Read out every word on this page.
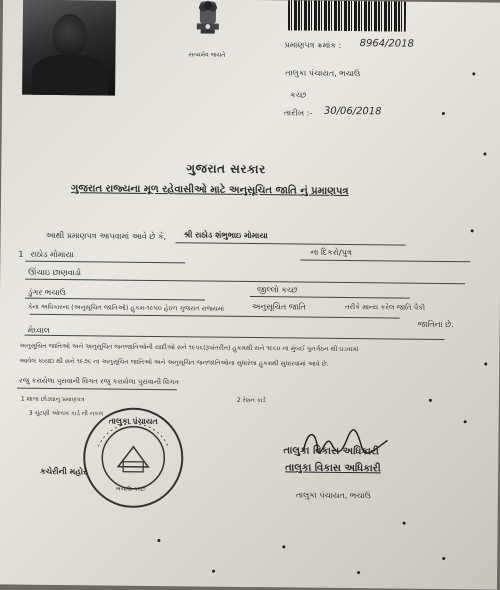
સત્યમેવ જયતે
પ્રમાણપત્ર ક્રમાંક : 8964/2018
તાલુકા પંચાયત, ભચાઉ
કચ્છ
તારીખ :- 30/06/2018
ગુજરાત સરકાર
ગુજરાત રાજ્યના મૂળ રહેવાસીઓ માટે અનુસૂચિત જાતિ નું પ્રમાણપત્ર
આથી પ્રમાણપત્ર આપવામાં આવે છે કે, શ્રી રાઠોડ શંભુભાઇ મોમાયા
1 રાઠોડ મોમાયા	ના દિકરો/પુત્ર
ઊંચાઇ છાણવાડો
ડુંગર ભચાઉ	જીલ્લો કચ્છ
કેના અધિકારના (અનુસૂચિત જાતિઓ) હુકમ-૧૯૫૦ હેઠળ ગુજરાત રાજ્યમાં	અનુસૂચિત જાતિ	તરીકે માન્ય કરેલ જાતિ પૈકી
જાતિના છે.
મેઘ્વાલ
અનુસૂચિત જાતિઓ અને અનુસૂચિત જનજાતિઓની યાદીઓ સને ૧૯૫૬(રૂપાંતરીત) હુકમથી સને ૧૯૬૦ ના મુંબઈ પુનર્ગઠન થી ઘડવામાં
આવેલ કાયદા થી સને ૧૯૭૬ ના અનુસૂચિત જાતિઓ અને અનુસૂચિત જનજાતિઓના સુધારેલા હુકમથી સુધારવામાં આવે છે.
રજુ કરાયેલા પુરાવાની વિગત રજુ કરાયેલા પુરાવાની વિગત
1 શાળા છોડ્યાનુ પ્રમાણપત્ર	2 રેશન કાર્ડ
3 ચુંટણી ઓળખ કાર્ડ ની નકલ
તાલુકા પંચાયત
ભચાઉ કચ્છ
કચેરીની મહોર
તાલુકા વિકાસ અધિકારી
તાલુકા વિકાસ અધિકારી
તાલુકા પંચાયત, ભચાઉ
